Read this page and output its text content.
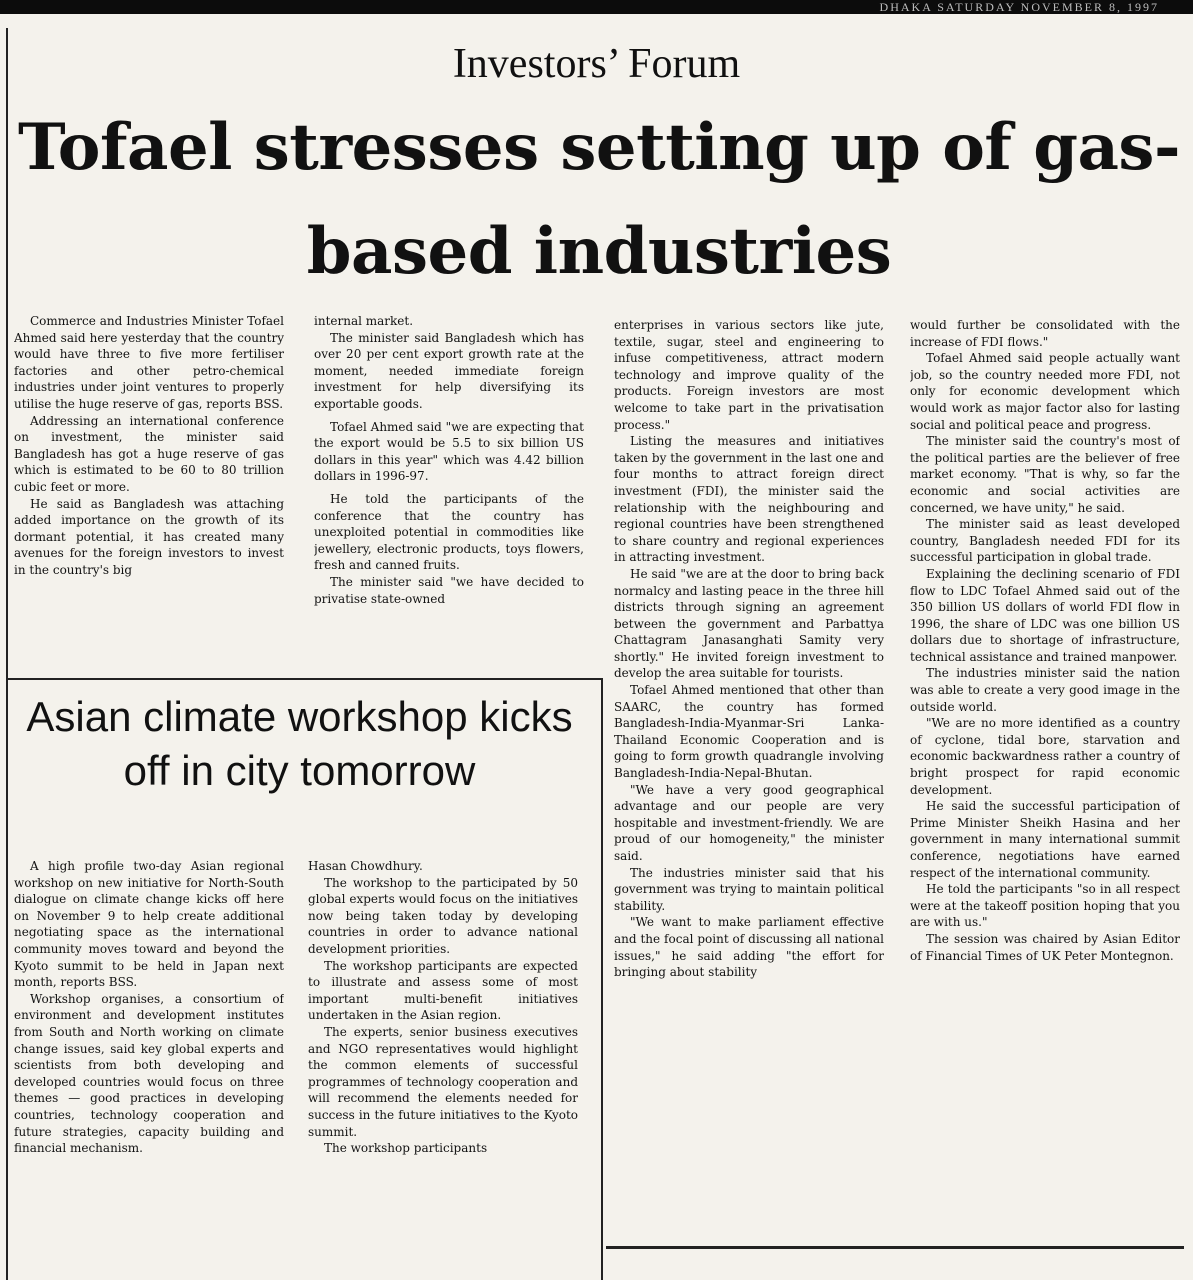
DHAKA SATURDAY NOVEMBER 8, 1997
Investors’ Forum
Tofael stresses setting up of gas-based industries

Commerce and Industries Minister Tofael Ahmed said here yesterday that the country would have three to five more fertiliser factories and other petro-chemical industries under joint ventures to properly utilise the huge reserve of gas, reports BSS.

Addressing an international conference on investment, the minister said Bangladesh has got a huge reserve of gas which is estimated to be 60 to 80 trillion cubic feet or more.

He said as Bangladesh was attaching added importance on the growth of its dormant potential, it has created many avenues for the foreign investors to invest in the country's big

internal market.

The minister said Bangladesh which has over 20 per cent export growth rate at the moment, needed immediate foreign investment for help diversifying its exportable goods.

Tofael Ahmed said "we are expecting that the export would be 5.5 to six billion US dollars in this year" which was 4.42 billion dollars in 1996-97.

He told the participants of the conference that the country has unexploited potential in commodities like jewellery, electronic products, toys flowers, fresh and canned fruits.

The minister said "we have decided to privatise state-owned

enterprises in various sectors like jute, textile, sugar, steel and engineering to infuse competitiveness, attract modern technology and improve quality of the products. Foreign investors are most welcome to take part in the privatisation process."

Listing the measures and initiatives taken by the government in the last one and four months to attract foreign direct investment (FDI), the minister said the relationship with the neighbouring and regional countries have been strengthened to share country and regional experiences in attracting investment.

He said "we are at the door to bring back normalcy and lasting peace in the three hill districts through signing an agreement between the government and Parbattya Chattagram Janasanghati Samity very shortly." He invited foreign investment to develop the area suitable for tourists.

Tofael Ahmed mentioned that other than SAARC, the country has formed Bangladesh-India-Myanmar-Sri Lanka-Thailand Economic Cooperation and is going to form growth quadrangle involving Bangladesh-India-Nepal-Bhutan.

"We have a very good geographical advantage and our people are very hospitable and investment-friendly. We are proud of our homogeneity," the minister said.

The industries minister said that his government was trying to maintain political stability.

"We want to make parliament effective and the focal point of discussing all national issues," he said adding "the effort for bringing about stability

would further be consolidated with the increase of FDI flows."

Tofael Ahmed said people actually want job, so the country needed more FDI, not only for economic development which would work as major factor also for lasting social and political peace and progress.

The minister said the country's most of the political parties are the believer of free market economy. "That is why, so far the economic and social activities are concerned, we have unity," he said.

The minister said as least developed country, Bangladesh needed FDI for its successful participation in global trade.

Explaining the declining scenario of FDI flow to LDC Tofael Ahmed said out of the 350 billion US dollars of world FDI flow in 1996, the share of LDC was one billion US dollars due to shortage of infrastructure, technical assistance and trained manpower.

The industries minister said the nation was able to create a very good image in the outside world.

"We are no more identified as a country of cyclone, tidal bore, starvation and economic backwardness rather a country of bright prospect for rapid economic development.

He said the successful participation of Prime Minister Sheikh Hasina and her government in many international summit conference, negotiations have earned respect of the international community.

He told the participants "so in all respect were at the takeoff position hoping that you are with us."

The session was chaired by Asian Editor of Financial Times of UK Peter Montegnon.

Asian climate workshop kicks off in city tomorrow

A high profile two-day Asian regional workshop on new initiative for North-South dialogue on climate change kicks off here on November 9 to help create additional negotiating space as the international community moves toward and beyond the Kyoto summit to be held in Japan next month, reports BSS.

Workshop organises, a consortium of environment and development institutes from South and North working on climate change issues, said key global experts and scientists from both developing and developed countries would focus on three themes — good practices in developing countries, technology cooperation and future strategies, capacity building and financial mechanism.

Hasan Chowdhury.

The workshop to the participated by 50 global experts would focus on the initiatives now being taken today by developing countries in order to advance national development priorities.

The workshop participants are expected to illustrate and assess some of most important multi-benefit initiatives undertaken in the Asian region.

The experts, senior business executives and NGO representatives would highlight the common elements of successful programmes of technology cooperation and will recommend the elements needed for success in the future initiatives to the Kyoto summit.

The workshop participants
